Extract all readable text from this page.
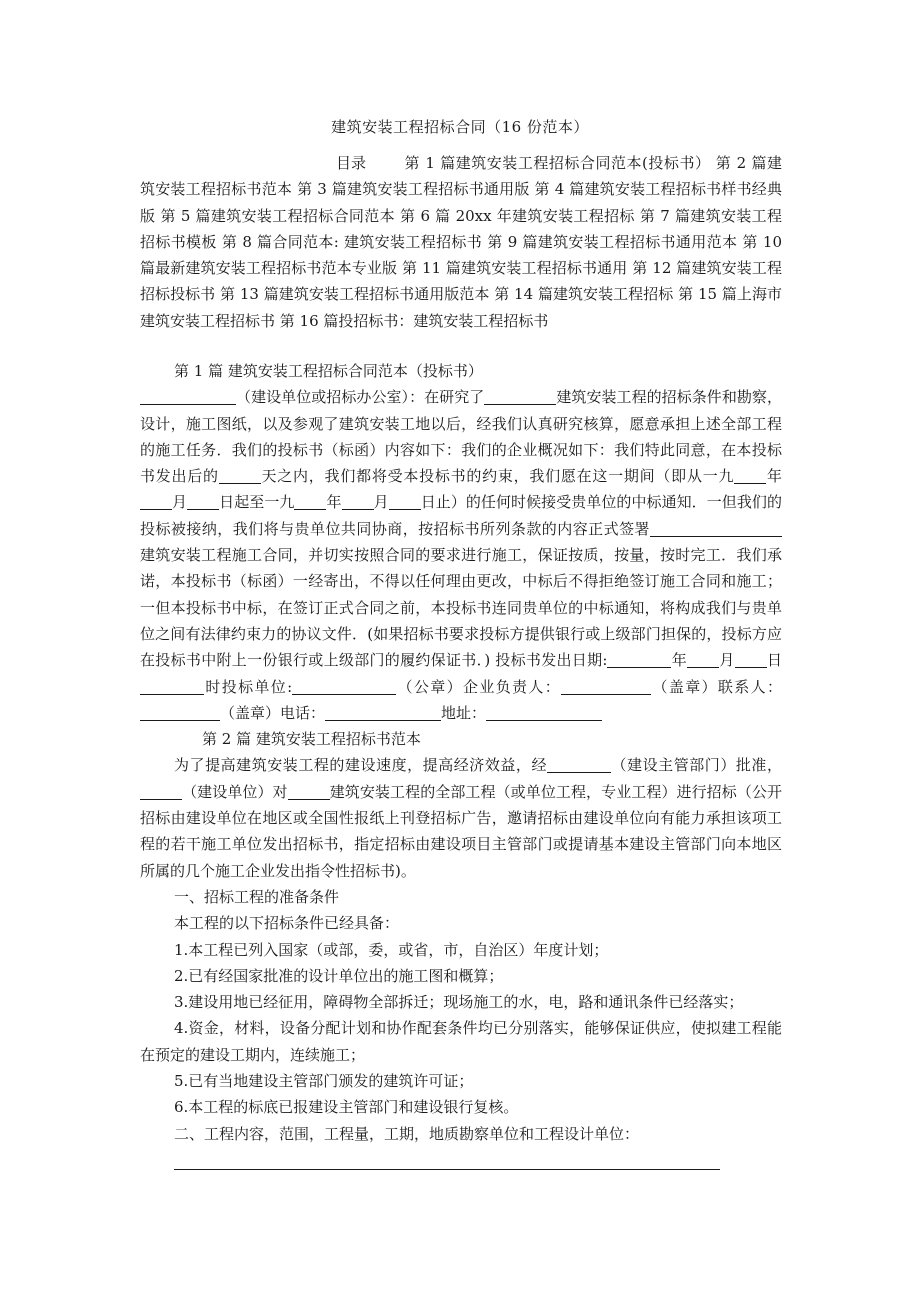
建筑安装工程招标合同（16 份范本）
目录	第 1 篇建筑安装工程招标合同范本(投标书） 第 2 篇建筑安装工程招标书范本 第 3 篇建筑安装工程招标书通用版 第 4 篇建筑安装工程招标书样书经典版 第 5 篇建筑安装工程招标合同范本 第 6 篇 20xx 年建筑安装工程招标 第 7 篇建筑安装工程招标书模板 第 8 篇合同范本: 建筑安装工程招标书 第 9 篇建筑安装工程招标书通用范本 第 10 篇最新建筑安装工程招标书范本专业版 第 11 篇建筑安装工程招标书通用 第 12 篇建筑安装工程招标投标书 第 13 篇建筑安装工程招标书通用版范本 第 14 篇建筑安装工程招标 第 15 篇上海市建筑安装工程招标书 第 16 篇投招标书：建筑安装工程招标书

第 1 篇 建筑安装工程招标合同范本（投标书）

（建设单位或招标办公室）：在研究了	建筑安装工程的招标条件和勘察，设计，施工图纸，以及参观了建筑安装工地以后，经我们认真研究核算，愿意承担上述全部工程的施工任务．我们的投标书（标函）内容如下：我们的企业概况如下：我们特此同意，在本投标书发出后的	天之内，我们都将受本投标书的约束，我们愿在这一期间（即从一九 年月 日起至一九 年 月 日止）的任何时候接受贵单位的中标通知．一但我们的投标被接纳，我们将与贵单位共同协商，按招标书所列条款的内容正式签署建筑安装工程施工合同，并切实按照合同的要求进行施工，保证按质，按量，按时完工．我们承诺，本投标书（标函）一经寄出，不得以任何理由更改，中标后不得拒绝签订施工合同和施工；一但本投标书中标，在签订正式合同之前，本投标书连同贵单位的中标通知，将构成我们与贵单位之间有法律约束力的协议文件．(如果招标书要求投标方提供银行或上级部门担保的，投标方应在投标书中附上一份银行或上级部门的履约保证书．) 投标书发出日期:	年 月 日时投标单位:	（公章）企业负责人：	（盖章）联系人：（盖章）电话：	地址：

第 2 篇 建筑安装工程招标书范本

为了提高建筑安装工程的建设速度，提高经济效益，经	（建设主管部门）批准，（建设单位）对	建筑安装工程的全部工程（或单位工程，专业工程）进行招标（公开招标由建设单位在地区或全国性报纸上刊登招标广告，邀请招标由建设单位向有能力承担该项工程的若干施工单位发出招标书，指定招标由建设项目主管部门或提请基本建设主管部门向本地区所属的几个施工企业发出指令性招标书)。

一、招标工程的准备条件

本工程的以下招标条件已经具备：

1.本工程已列入国家（或部，委，或省，市，自治区）年度计划；

2.已有经国家批准的设计单位出的施工图和概算；

3.建设用地已经征用，障碍物全部拆迁；现场施工的水，电，路和通讯条件已经落实；

4.资金，材料，设备分配计划和协作配套条件均已分别落实，能够保证供应，使拟建工程能在预定的建设工期内，连续施工；

5.已有当地建设主管部门颁发的建筑许可证；

6.本工程的标底已报建设主管部门和建设银行复核。

二、工程内容，范围，工程量，工期，地质勘察单位和工程设计单位：
